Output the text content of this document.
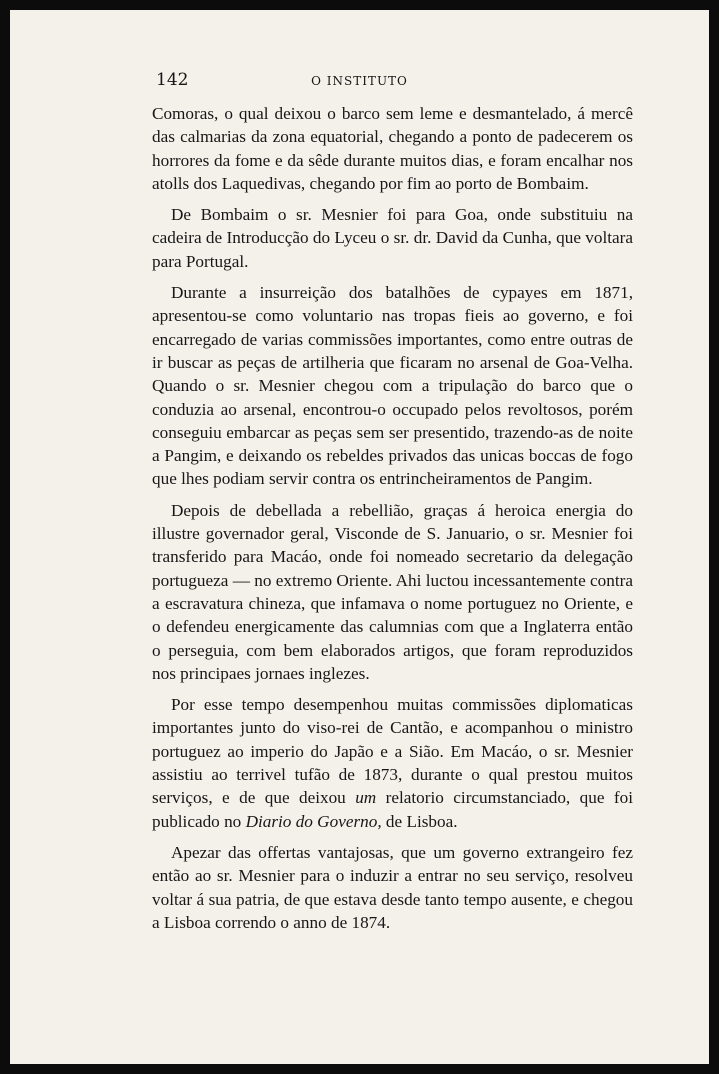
142	O INSTITUTO

Comoras, o qual deixou o barco sem leme e desmantelado, á mercê das calmarias da zona equatorial, chegando a ponto de padecerem os horrores da fome e da sêde durante muitos dias, e foram encalhar nos atolls dos Laquedivas, chegando por fim ao porto de Bombaim.

De Bombaim o sr. Mesnier foi para Goa, onde substituiu na cadeira de Introducção do Lyceu o sr. dr. David da Cunha, que voltara para Portugal.

Durante a insurreição dos batalhões de cypayes em 1871, apresentou-se como voluntario nas tropas fieis ao governo, e foi encarregado de varias commissões importantes, como entre outras de ir buscar as peças de artilheria que ficaram no arsenal de Goa-Velha. Quando o sr. Mesnier chegou com a tripulação do barco que o conduzia ao arsenal, encontrou-o occupado pelos revoltosos, porém conseguiu embarcar as peças sem ser presentido, trazendo-as de noite a Pangim, e deixando os rebeldes privados das unicas boccas de fogo que lhes podiam servir contra os entrincheiramentos de Pangim.

Depois de debellada a rebellião, graças á heroica energia do illustre governador geral, Visconde de S. Januario, o sr. Mesnier foi transferido para Macáo, onde foi nomeado secretario da delegação portugueza — no extremo Oriente. Ahi luctou incessantemente contra a escravatura chineza, que infamava o nome portuguez no Oriente, e o defendeu energicamente das calumnias com que a Inglaterra então o perseguia, com bem elaborados artigos, que foram reproduzidos nos principaes jornaes inglezes.

Por esse tempo desempenhou muitas commissões diplomaticas importantes junto do viso-rei de Cantão, e acompanhou o ministro portuguez ao imperio do Japão e a Sião. Em Macáo, o sr. Mesnier assistiu ao terrivel tufão de 1873, durante o qual prestou muitos serviços, e de que deixou um relatorio circumstanciado, que foi publicado no Diario do Governo, de Lisboa.

Apezar das offertas vantajosas, que um governo extrangeiro fez então ao sr. Mesnier para o induzir a entrar no seu serviço, resolveu voltar á sua patria, de que estava desde tanto tempo ausente, e chegou a Lisboa correndo o anno de 1874.
